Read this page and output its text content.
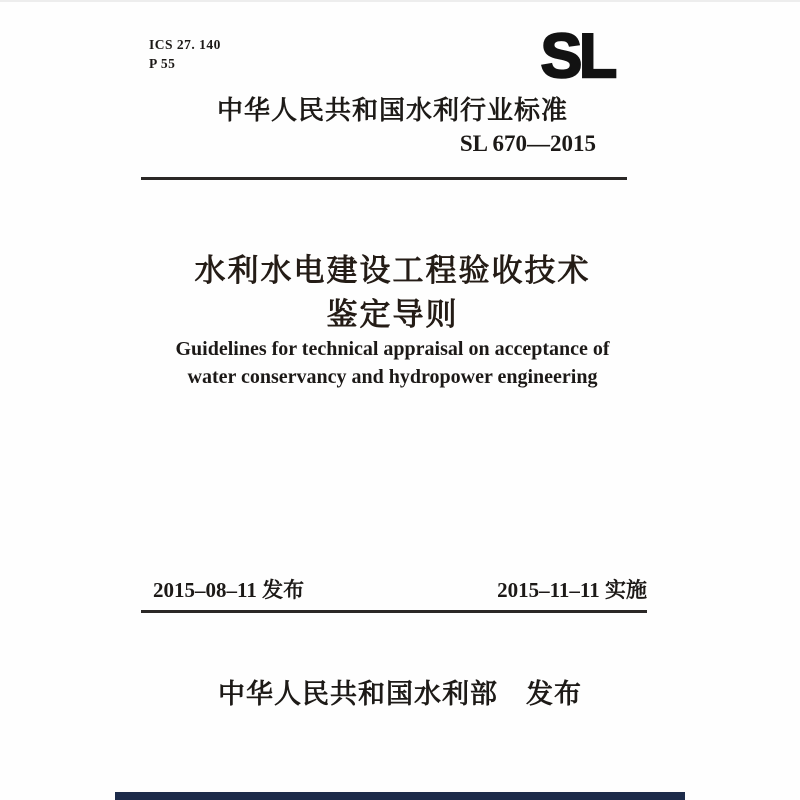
ICS 27. 140
P 55	SL
中华人民共和国水利行业标准
SL 670—2015
水利水电建设工程验收技术
鉴定导则
Guidelines for technical appraisal on acceptance of
water conservancy and hydropower engineering
2015–08–11 发布	2015–11–11 实施
中华人民共和国水利部　发布
